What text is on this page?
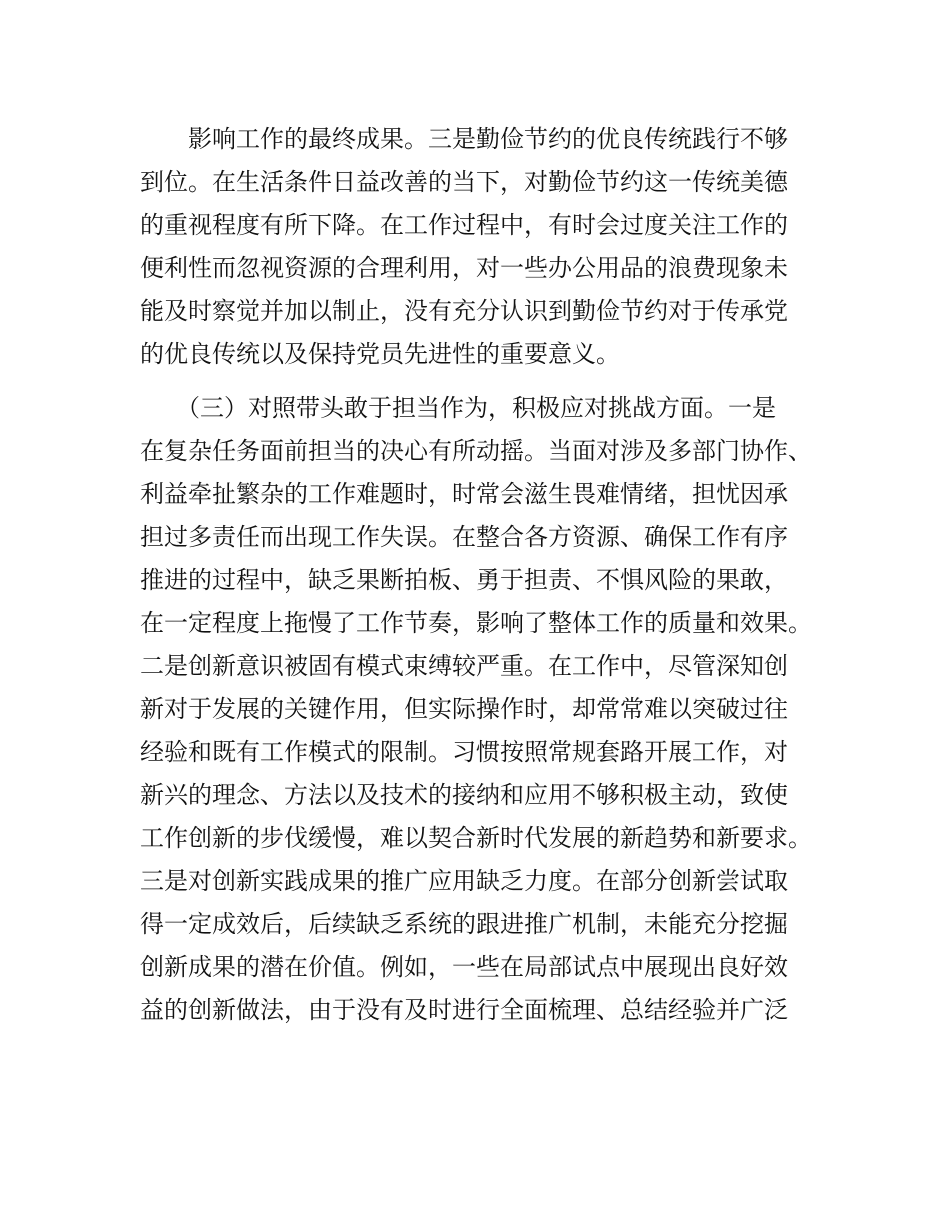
　　影响工作的最终成果。三是勤俭节约的优良传统践行不够
到位。在生活条件日益改善的当下，对勤俭节约这一传统美德
的重视程度有所下降。在工作过程中，有时会过度关注工作的
便利性而忽视资源的合理利用，对一些办公用品的浪费现象未
能及时察觉并加以制止，没有充分认识到勤俭节约对于传承党
的优良传统以及保持党员先进性的重要意义。
　　（三）对照带头敢于担当作为，积极应对挑战方面。一是
在复杂任务面前担当的决心有所动摇。当面对涉及多部门协作、
利益牵扯繁杂的工作难题时，时常会滋生畏难情绪，担忧因承
担过多责任而出现工作失误。在整合各方资源、确保工作有序
推进的过程中，缺乏果断拍板、勇于担责、不惧风险的果敢，
在一定程度上拖慢了工作节奏，影响了整体工作的质量和效果。
二是创新意识被固有模式束缚较严重。在工作中，尽管深知创
新对于发展的关键作用，但实际操作时，却常常难以突破过往
经验和既有工作模式的限制。习惯按照常规套路开展工作，对
新兴的理念、方法以及技术的接纳和应用不够积极主动，致使
工作创新的步伐缓慢，难以契合新时代发展的新趋势和新要求。
三是对创新实践成果的推广应用缺乏力度。在部分创新尝试取
得一定成效后，后续缺乏系统的跟进推广机制，未能充分挖掘
创新成果的潜在价值。例如，一些在局部试点中展现出良好效
益的创新做法，由于没有及时进行全面梳理、总结经验并广泛
